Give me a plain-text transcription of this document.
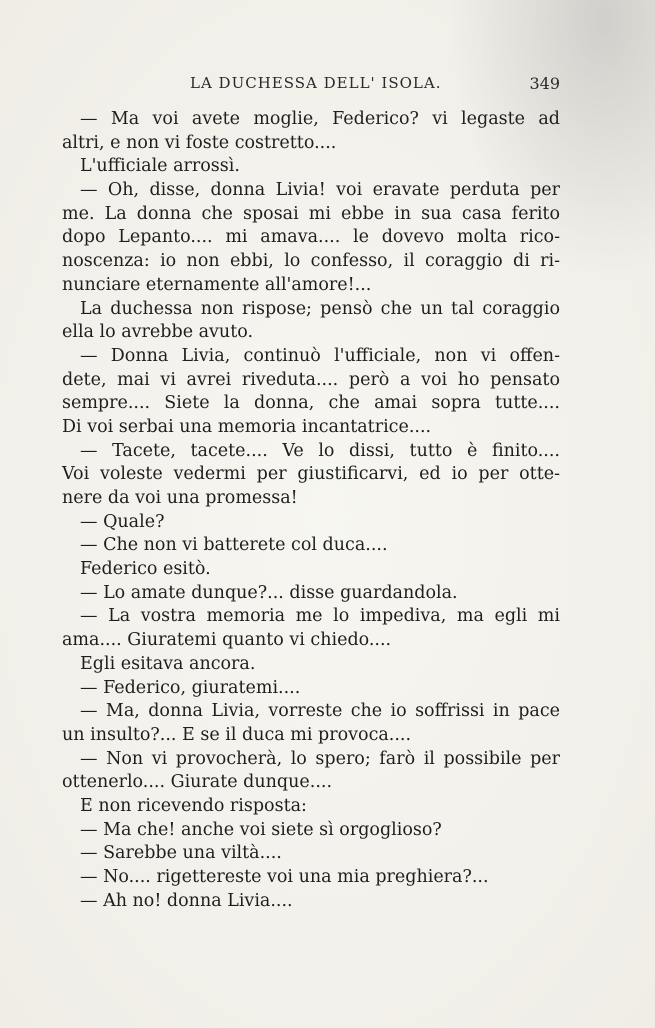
LA DUCHESSA DELL' ISOLA.	349
— Ma voi avete moglie, Federico? vi legaste ad
altri, e non vi foste costretto....
L'ufficiale arrossì.
— Oh, disse, donna Livia! voi eravate perduta per
me. La donna che sposai mi ebbe in sua casa ferito
dopo Lepanto.... mi amava.... le dovevo molta rico-
noscenza: io non ebbi, lo confesso, il coraggio di ri-
nunciare eternamente all'amore!...
La duchessa non rispose; pensò che un tal coraggio
ella lo avrebbe avuto.
— Donna Livia, continuò l'ufficiale, non vi offen-
dete, mai vi avrei riveduta.... però a voi ho pensato
sempre.... Siete la donna, che amai sopra tutte....
Di voi serbai una memoria incantatrice....
— Tacete, tacete.... Ve lo dissi, tutto è finito....
Voi voleste vedermi per giustificarvi, ed io per otte-
nere da voi una promessa!
— Quale?
— Che non vi batterete col duca....
Federico esitò.
— Lo amate dunque?... disse guardandola.
— La vostra memoria me lo impediva, ma egli mi
ama.... Giuratemi quanto vi chiedo....
Egli esitava ancora.
— Federico, giuratemi....
— Ma, donna Livia, vorreste che io soffrissi in pace
un insulto?... E se il duca mi provoca....
— Non vi provocherà, lo spero; farò il possibile per
ottenerlo.... Giurate dunque....
E non ricevendo risposta:
— Ma che! anche voi siete sì orgoglioso?
— Sarebbe una viltà....
— No.... rigettereste voi una mia preghiera?...
— Ah no! donna Livia....
